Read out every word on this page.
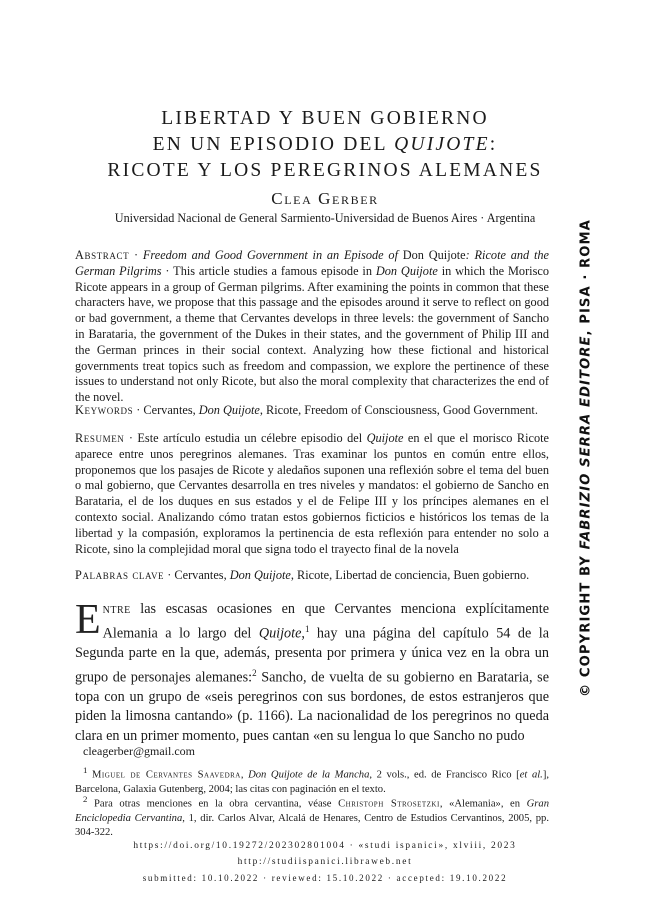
LIBERTAD Y BUEN GOBIERNO
EN UN EPISODIO DEL QUIJOTE:
RICOTE Y LOS PEREGRINOS ALEMANES
Clea Gerber
Universidad Nacional de General Sarmiento-Universidad de Buenos Aires · Argentina
Abstract · Freedom and Good Government in an Episode of Don Quijote: Ricote and the German Pilgrims · This article studies a famous episode in Don Quijote in which the Morisco Ricote appears in a group of German pilgrims. After examining the points in common that these characters have, we propose that this passage and the episodes around it serve to reflect on good or bad government, a theme that Cervantes develops in three levels: the government of Sancho in Barataria, the government of the Dukes in their states, and the government of Philip III and the German princes in their social context. Analyzing how these fictional and historical governments treat topics such as freedom and compassion, we explore the pertinence of these issues to understand not only Ricote, but also the moral complexity that characterizes the end of the novel.
Keywords · Cervantes, Don Quijote, Ricote, Freedom of Consciousness, Good Government.
Resumen · Este artículo estudia un célebre episodio del Quijote en el que el morisco Ricote aparece entre unos peregrinos alemanes. Tras examinar los puntos en común entre ellos, proponemos que los pasajes de Ricote y aledaños suponen una reflexión sobre el tema del buen o mal gobierno, que Cervantes desarrolla en tres niveles y mandatos: el gobierno de Sancho en Barataria, el de los duques en sus estados y el de Felipe III y los príncipes alemanes en el contexto social. Analizando cómo tratan estos gobiernos ficticios e históricos los temas de la libertad y la compasión, exploramos la pertinencia de esta reflexión para entender no solo a Ricote, sino la complejidad moral que signa todo el trayecto final de la novela
Palabras clave · Cervantes, Don Quijote, Ricote, Libertad de conciencia, Buen gobierno.
Entre las escasas ocasiones en que Cervantes menciona explícitamente Alemania a lo largo del Quijote,$^1$ hay una página del capítulo 54 de la Segunda parte en la que, además, presenta por primera y única vez en la obra un grupo de personajes alemanes:$^2$ Sancho, de vuelta de su gobierno en Barataria, se topa con un grupo de «seis peregrinos con sus bordones, de estos estranjeros que piden la limosna cantando» (p. 1166). La nacionalidad de los peregrinos no queda clara en un primer momento, pues cantan «en su lengua lo que Sancho no pudo
cleagerber@gmail.com
$^1$ Miguel de Cervantes Saavedra, Don Quijote de la Mancha, 2 vols., ed. de Francisco Rico [et al.], Barcelona, Galaxia Gutenberg, 2004; las citas con paginación en el texto.
$^2$ Para otras menciones en la obra cervantina, véase Christoph Strosetzki, «Alemania», en Gran Enciclopedia Cervantina, 1, dir. Carlos Alvar, Alcalá de Henares, Centro de Estudios Cervantinos, 2005, pp. 304-322.
https://doi.org/10.19272/202302801004 · «studi ispanici», xlviii, 2023
http://studiispanici.libraweb.net
submitted: 10.10.2022 · reviewed: 15.10.2022 · accepted: 19.10.2022
© COPYRIGHT BY FABRIZIO SERRA EDITORE, PISA · ROMA
